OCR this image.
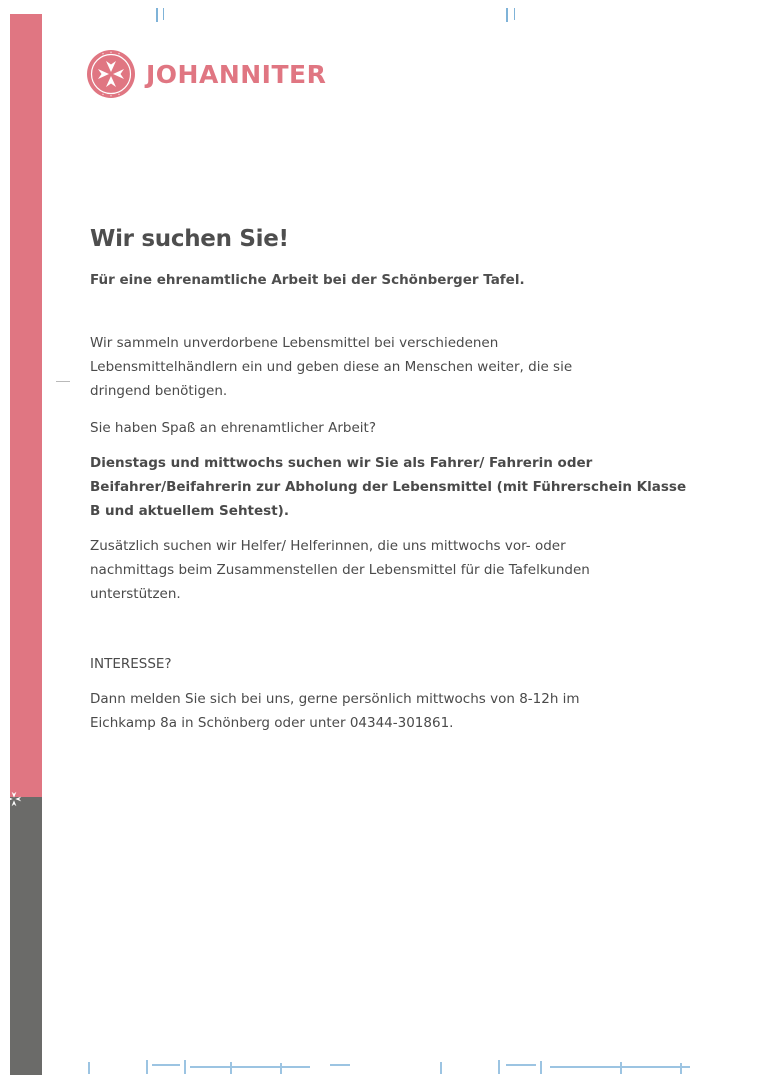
JOHANNITER
Wir suchen Sie!
Für eine ehrenamtliche Arbeit bei der Schönberger Tafel.

Wir sammeln unverdorbene Lebensmittel bei verschiedenen
Lebensmittelhändlern ein und geben diese an Menschen weiter, die sie
dringend benötigen.

Sie haben Spaß an ehrenamtlicher Arbeit?

Dienstags und mittwochs suchen wir Sie als Fahrer/ Fahrerin oder
Beifahrer/Beifahrerin zur Abholung der Lebensmittel (mit Führerschein Klasse
B und aktuellem Sehtest).

Zusätzlich suchen wir Helfer/ Helferinnen, die uns mittwochs vor- oder
nachmittags beim Zusammenstellen der Lebensmittel für die Tafelkunden
unterstützen.

INTERESSE?

Dann melden Sie sich bei uns, gerne persönlich mittwochs von 8-12h im
Eichkamp 8a in Schönberg oder unter 04344-301861.
